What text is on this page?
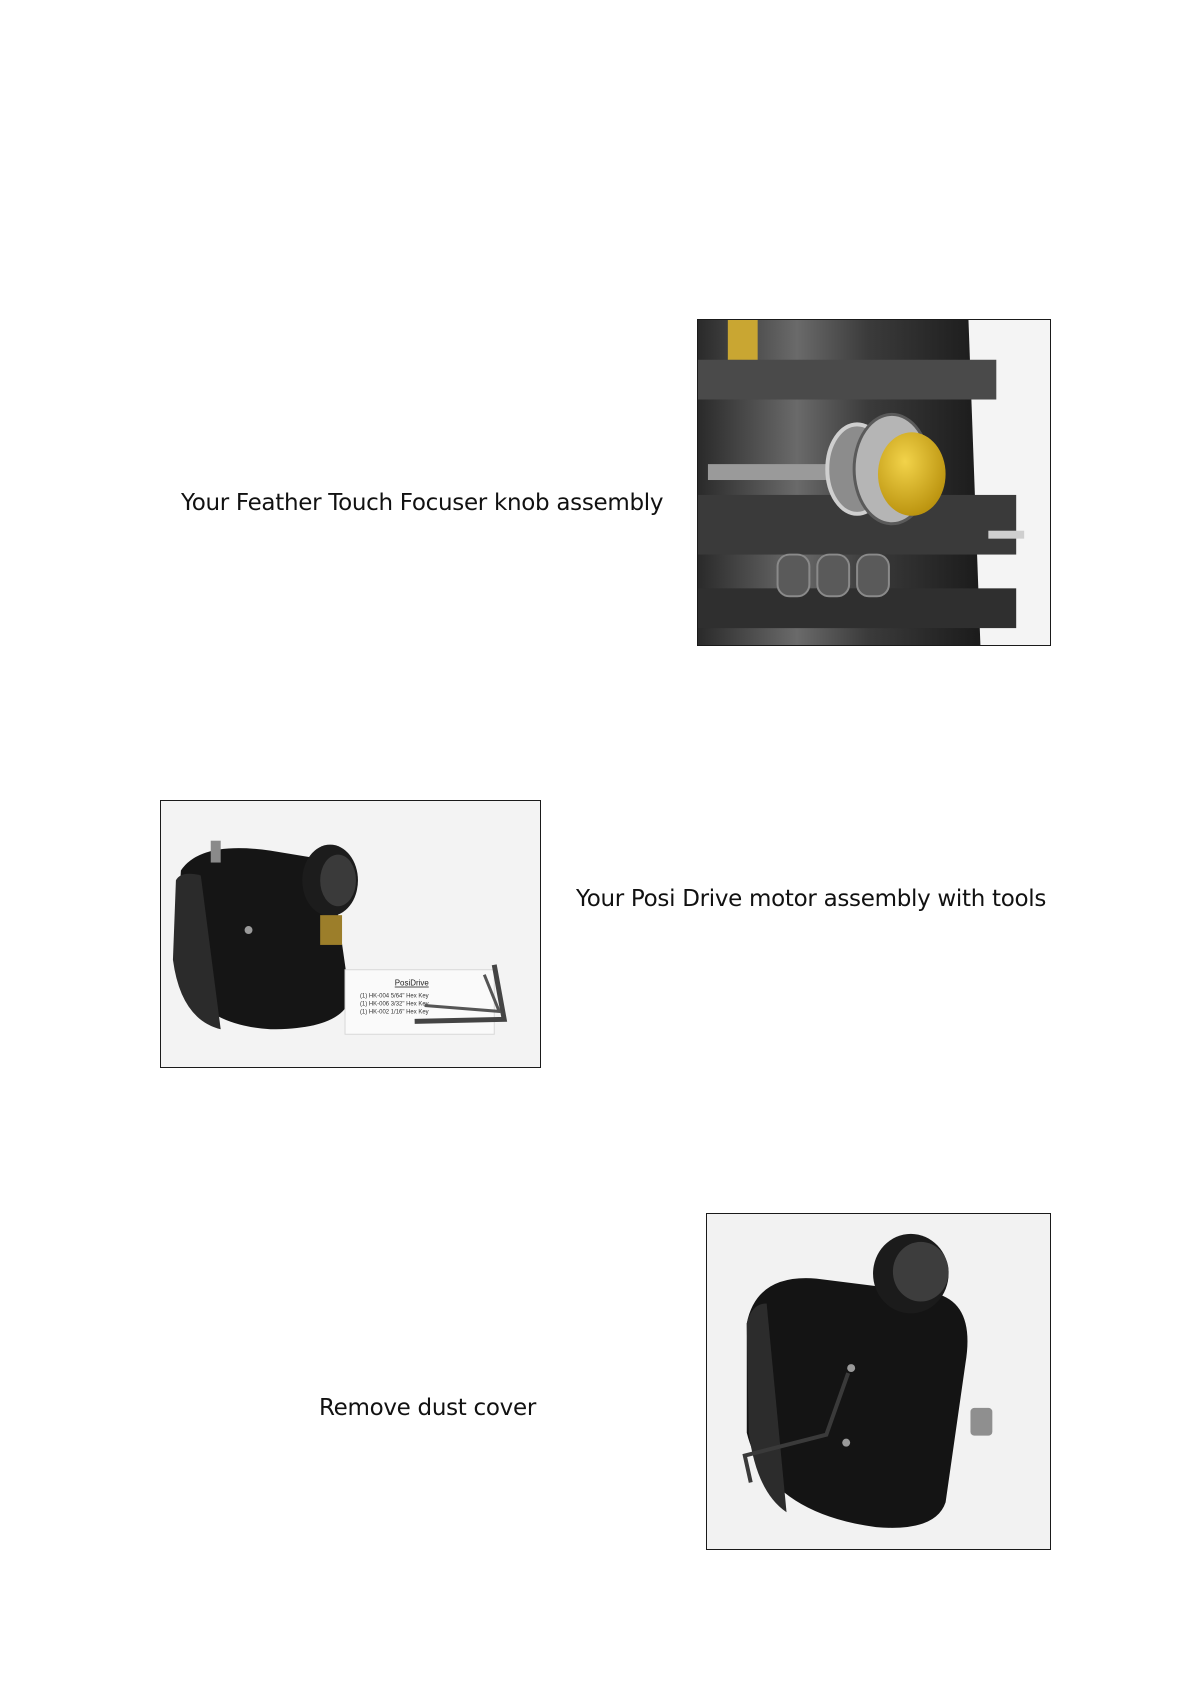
Your Feather Touch Focuser knob assembly
PosiDrive
(1) HK-004 5/64" Hex Key
(1) HK-006 3/32" Hex Key
(1) HK-002 1/16" Hex Key
Your Posi Drive motor assembly with tools
Remove dust cover
